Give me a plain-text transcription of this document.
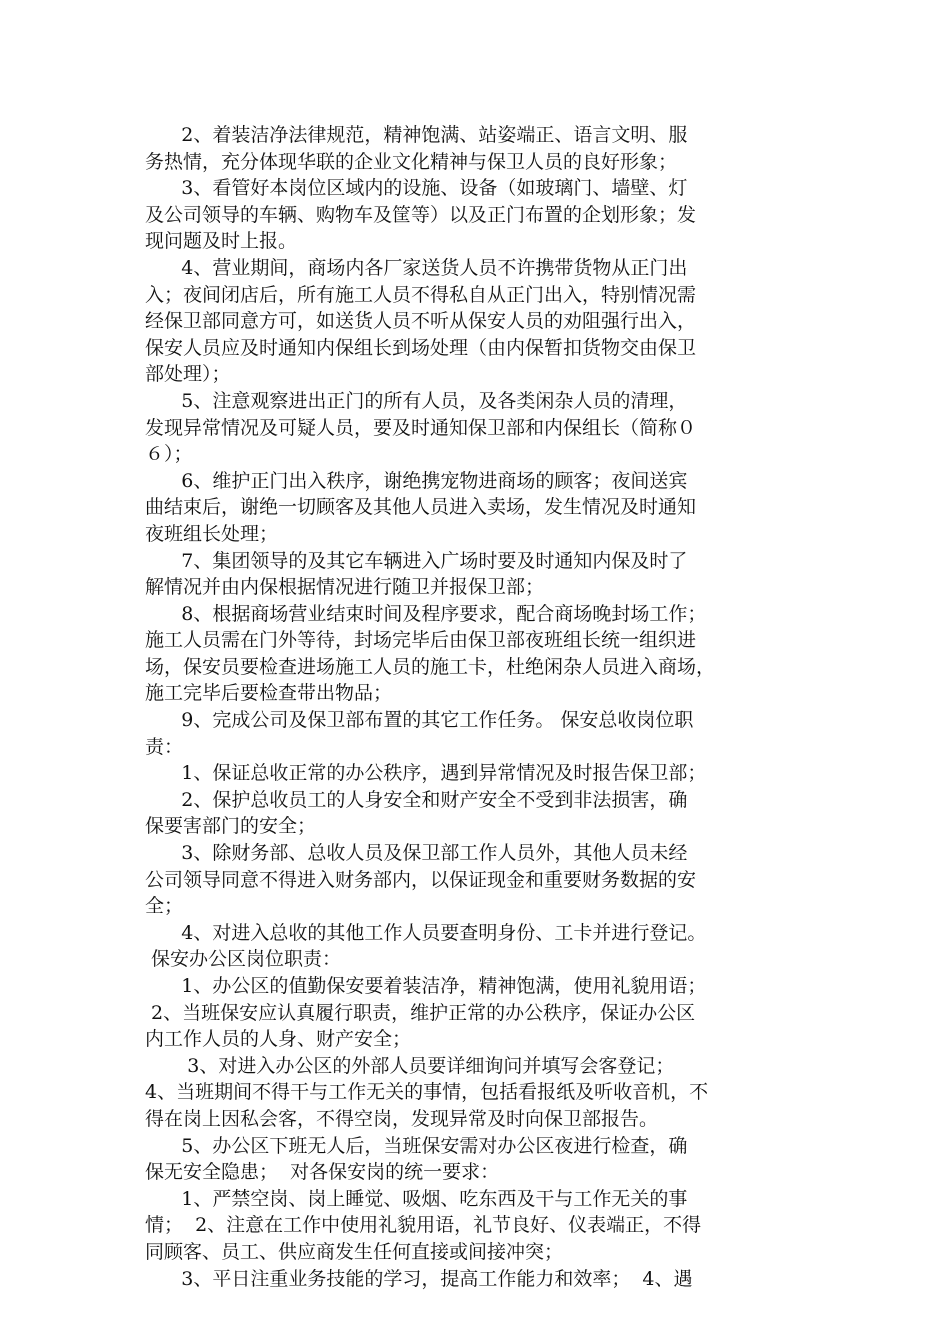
2、着装洁净法律规范，精神饱满、站姿端正、语言文明、服
务热情，充分体现华联的企业文化精神与保卫人员的良好形象；
3、看管好本岗位区域内的设施、设备（如玻璃门、墙壁、灯
及公司领导的车辆、购物车及筐等）以及正门布置的企划形象；发
现问题及时上报。
4、营业期间，商场内各厂家送货人员不许携带货物从正门出
入；夜间闭店后，所有施工人员不得私自从正门出入，特别情况需
经保卫部同意方可，如送货人员不听从保安人员的劝阻强行出入，
保安人员应及时通知内保组长到场处理（由内保暂扣货物交由保卫
部处理）；
5、注意观察进出正门的所有人员，及各类闲杂人员的清理，
发现异常情况及可疑人员，要及时通知保卫部和内保组长（简称０
６）；
6、维护正门出入秩序，谢绝携宠物进商场的顾客；夜间送宾
曲结束后，谢绝一切顾客及其他人员进入卖场，发生情况及时通知
夜班组长处理；
7、集团领导的及其它车辆进入广场时要及时通知内保及时了
解情况并由内保根据情况进行随卫并报保卫部；
8、根据商场营业结束时间及程序要求，配合商场晚封场工作；
施工人员需在门外等待，封场完毕后由保卫部夜班组长统一组织进
场，保安员要检查进场施工人员的施工卡，杜绝闲杂人员进入商场，
施工完毕后要检查带出物品；
9、完成公司及保卫部布置的其它工作任务。 保安总收岗位职
责：
1、保证总收正常的办公秩序，遇到异常情况及时报告保卫部；
2、保护总收员工的人身安全和财产安全不受到非法损害，确
保要害部门的安全；
3、除财务部、总收人员及保卫部工作人员外，其他人员未经
公司领导同意不得进入财务部内，以保证现金和重要财务数据的安
全；
4、对进入总收的其他工作人员要查明身份、工卡并进行登记。
保安办公区岗位职责：
1、办公区的值勤保安要着装洁净，精神饱满，使用礼貌用语；
2、当班保安应认真履行职责，维护正常的办公秩序，保证办公区
内工作人员的人身、财产安全；
3、对进入办公区的外部人员要详细询问并填写会客登记；
4、当班期间不得干与工作无关的事情，包括看报纸及听收音机，不
得在岗上因私会客，不得空岗，发现异常及时向保卫部报告。
5、办公区下班无人后，当班保安需对办公区夜进行检查，确
保无安全隐患；  对各保安岗的统一要求：
1、严禁空岗、岗上睡觉、吸烟、吃东西及干与工作无关的事
情；  2、注意在工作中使用礼貌用语，礼节良好、仪表端正，不得
同顾客、员工、供应商发生任何直接或间接冲突；
3、平日注重业务技能的学习，提高工作能力和效率；  4、遇
